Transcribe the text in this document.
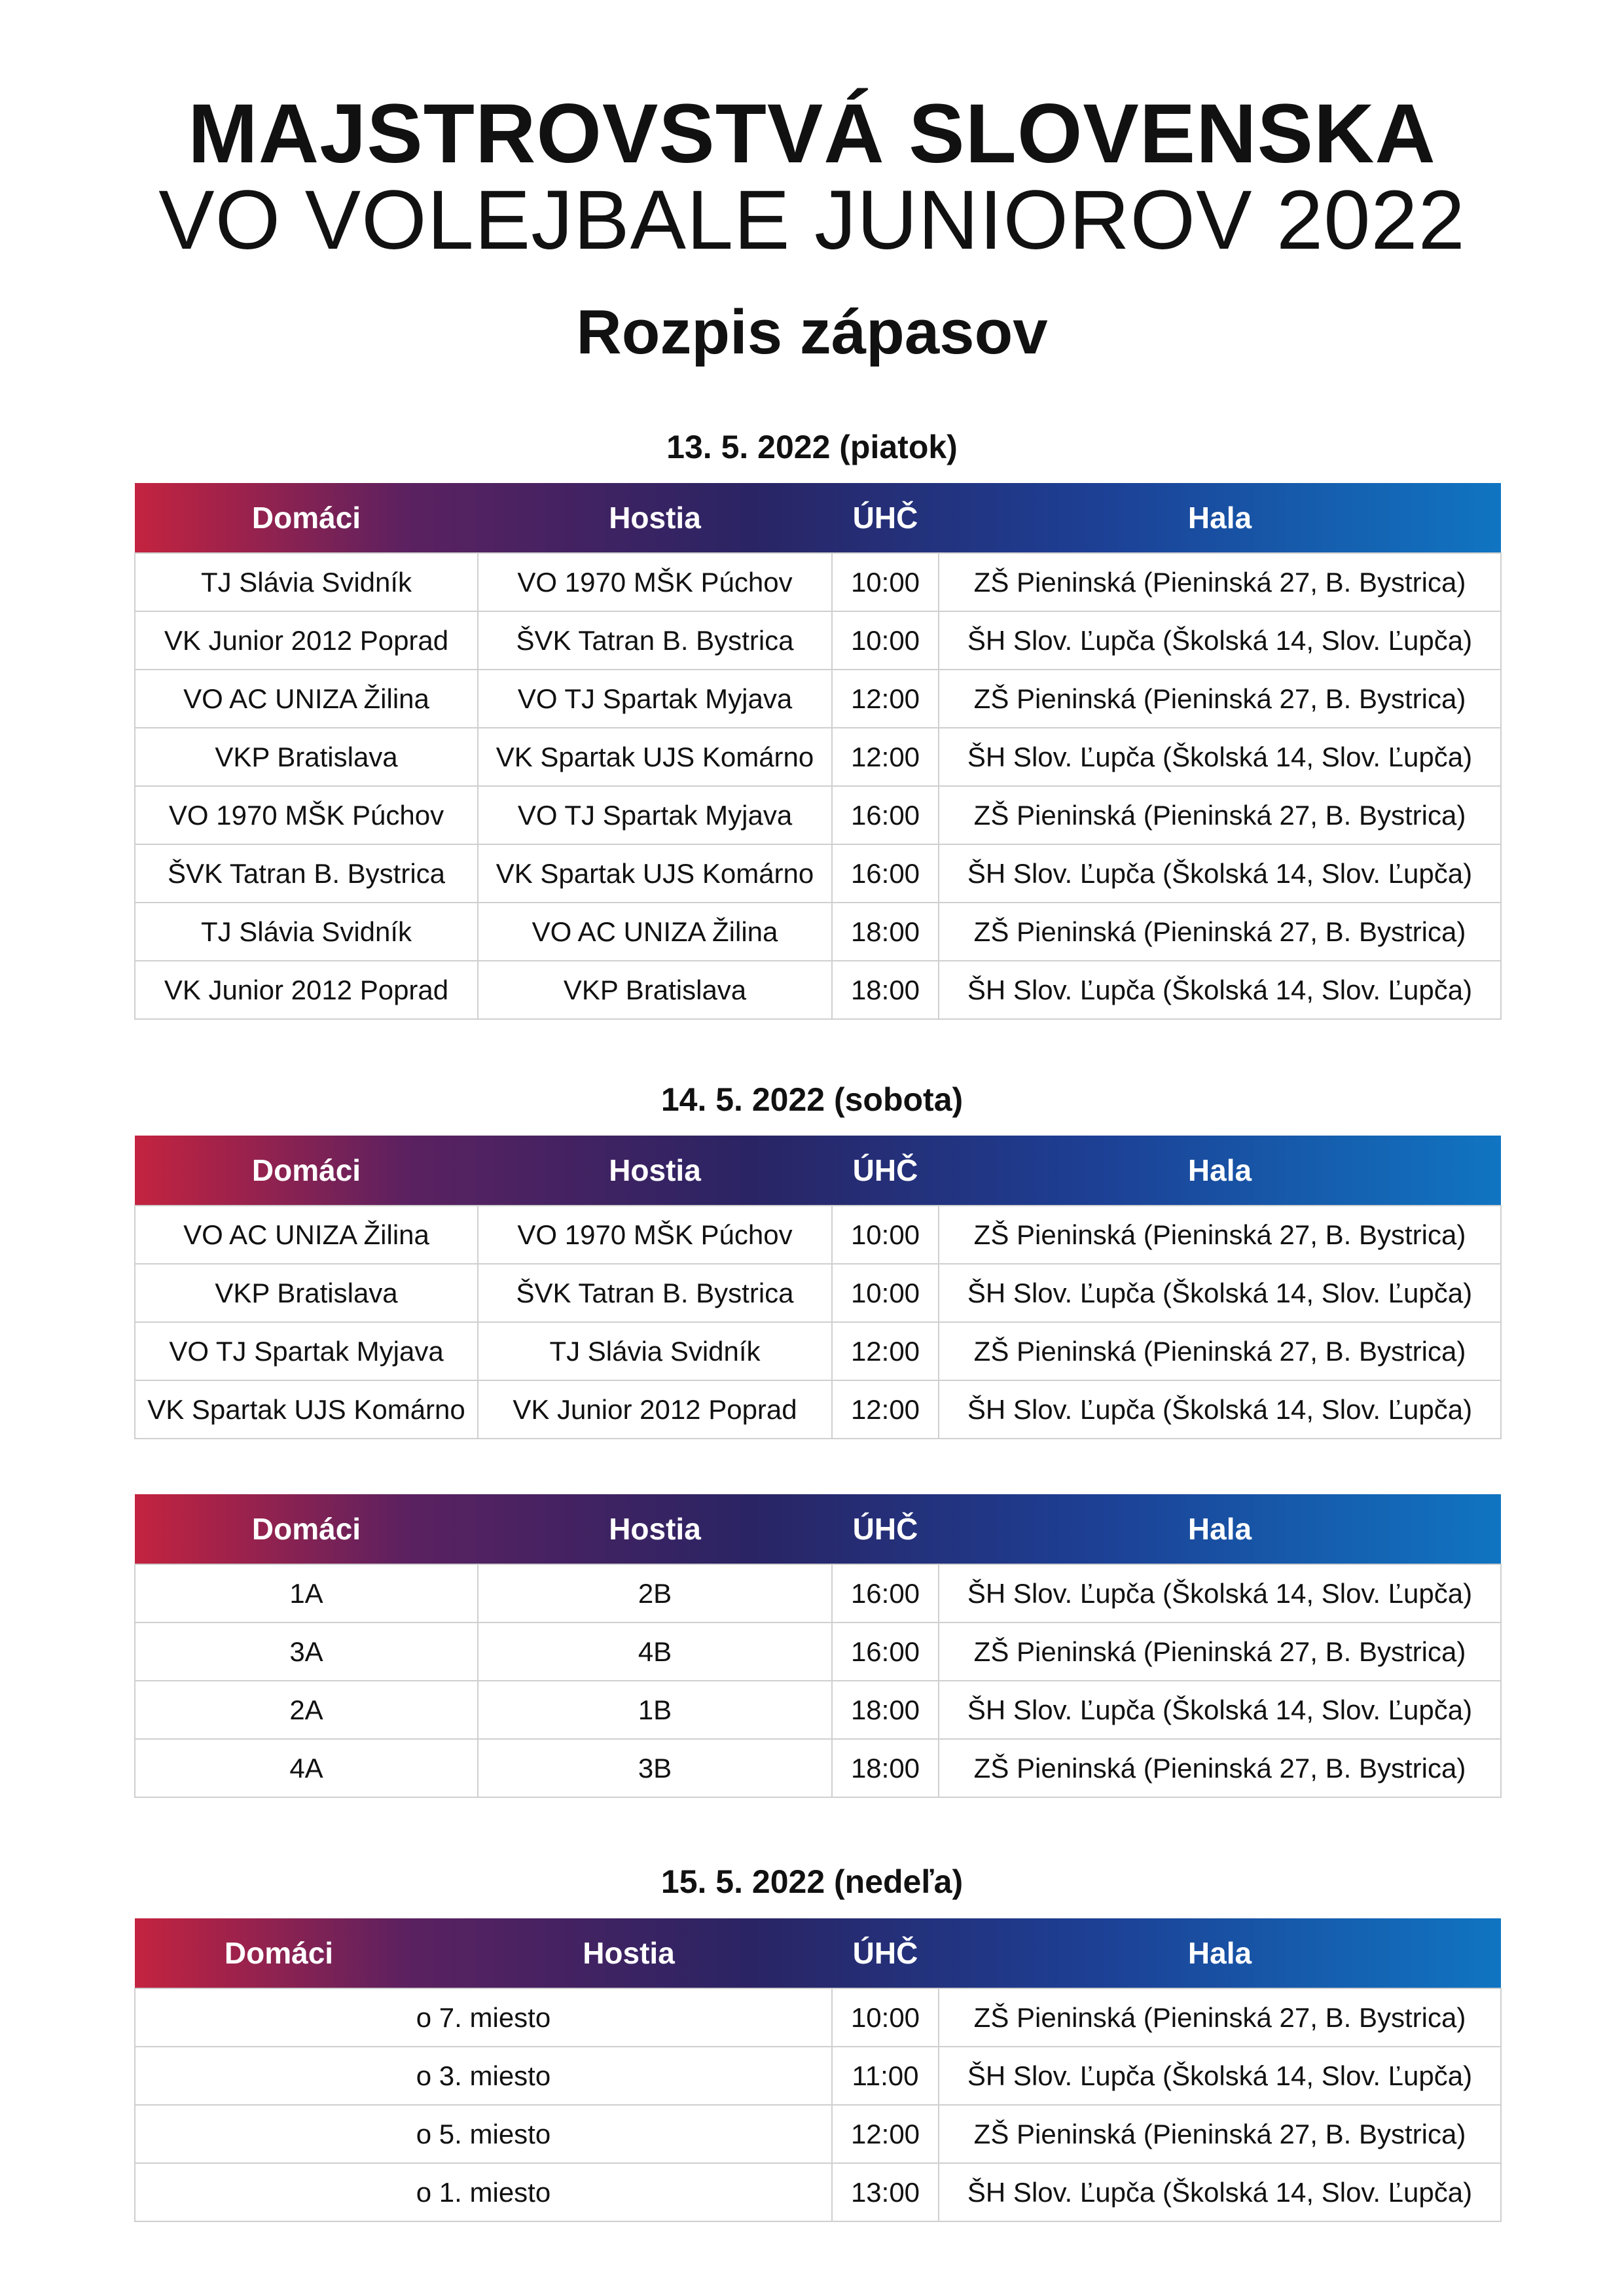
MAJSTROVSTVÁ SLOVENSKA
VO VOLEJBALE JUNIOROV 2022
Rozpis zápasov
13. 5. 2022 (piatok)
Domáci	Hostia	ÚHČ	Hala
TJ Slávia Svidník	VO 1970 MŠK Púchov	10:00	ZŠ Pieninská (Pieninská 27, B. Bystrica)
VK Junior 2012 Poprad	ŠVK Tatran B. Bystrica	10:00	ŠH Slov. Ľupča (Školská 14, Slov. Ľupča)
VO AC UNIZA Žilina	VO TJ Spartak Myjava	12:00	ZŠ Pieninská (Pieninská 27, B. Bystrica)
VKP Bratislava	VK Spartak UJS Komárno	12:00	ŠH Slov. Ľupča (Školská 14, Slov. Ľupča)
VO 1970 MŠK Púchov	VO TJ Spartak Myjava	16:00	ZŠ Pieninská (Pieninská 27, B. Bystrica)
ŠVK Tatran B. Bystrica	VK Spartak UJS Komárno	16:00	ŠH Slov. Ľupča (Školská 14, Slov. Ľupča)
TJ Slávia Svidník	VO AC UNIZA Žilina	18:00	ZŠ Pieninská (Pieninská 27, B. Bystrica)
VK Junior 2012 Poprad	VKP Bratislava	18:00	ŠH Slov. Ľupča (Školská 14, Slov. Ľupča)
14. 5. 2022 (sobota)
Domáci	Hostia	ÚHČ	Hala
VO AC UNIZA Žilina	VO 1970 MŠK Púchov	10:00	ZŠ Pieninská (Pieninská 27, B. Bystrica)
VKP Bratislava	ŠVK Tatran B. Bystrica	10:00	ŠH Slov. Ľupča (Školská 14, Slov. Ľupča)
VO TJ Spartak Myjava	TJ Slávia Svidník	12:00	ZŠ Pieninská (Pieninská 27, B. Bystrica)
VK Spartak UJS Komárno	VK Junior 2012 Poprad	12:00	ŠH Slov. Ľupča (Školská 14, Slov. Ľupča)
Domáci	Hostia	ÚHČ	Hala
1A	2B	16:00	ŠH Slov. Ľupča (Školská 14, Slov. Ľupča)
3A	4B	16:00	ZŠ Pieninská (Pieninská 27, B. Bystrica)
2A	1B	18:00	ŠH Slov. Ľupča (Školská 14, Slov. Ľupča)
4A	3B	18:00	ZŠ Pieninská (Pieninská 27, B. Bystrica)
15. 5. 2022 (nedeľa)
Domáci	Hostia	ÚHČ	Hala
o 7. miesto		10:00	ZŠ Pieninská (Pieninská 27, B. Bystrica)
o 3. miesto		11:00	ŠH Slov. Ľupča (Školská 14, Slov. Ľupča)
o 5. miesto		12:00	ZŠ Pieninská (Pieninská 27, B. Bystrica)
o 1. miesto		13:00	ŠH Slov. Ľupča (Školská 14, Slov. Ľupča)
